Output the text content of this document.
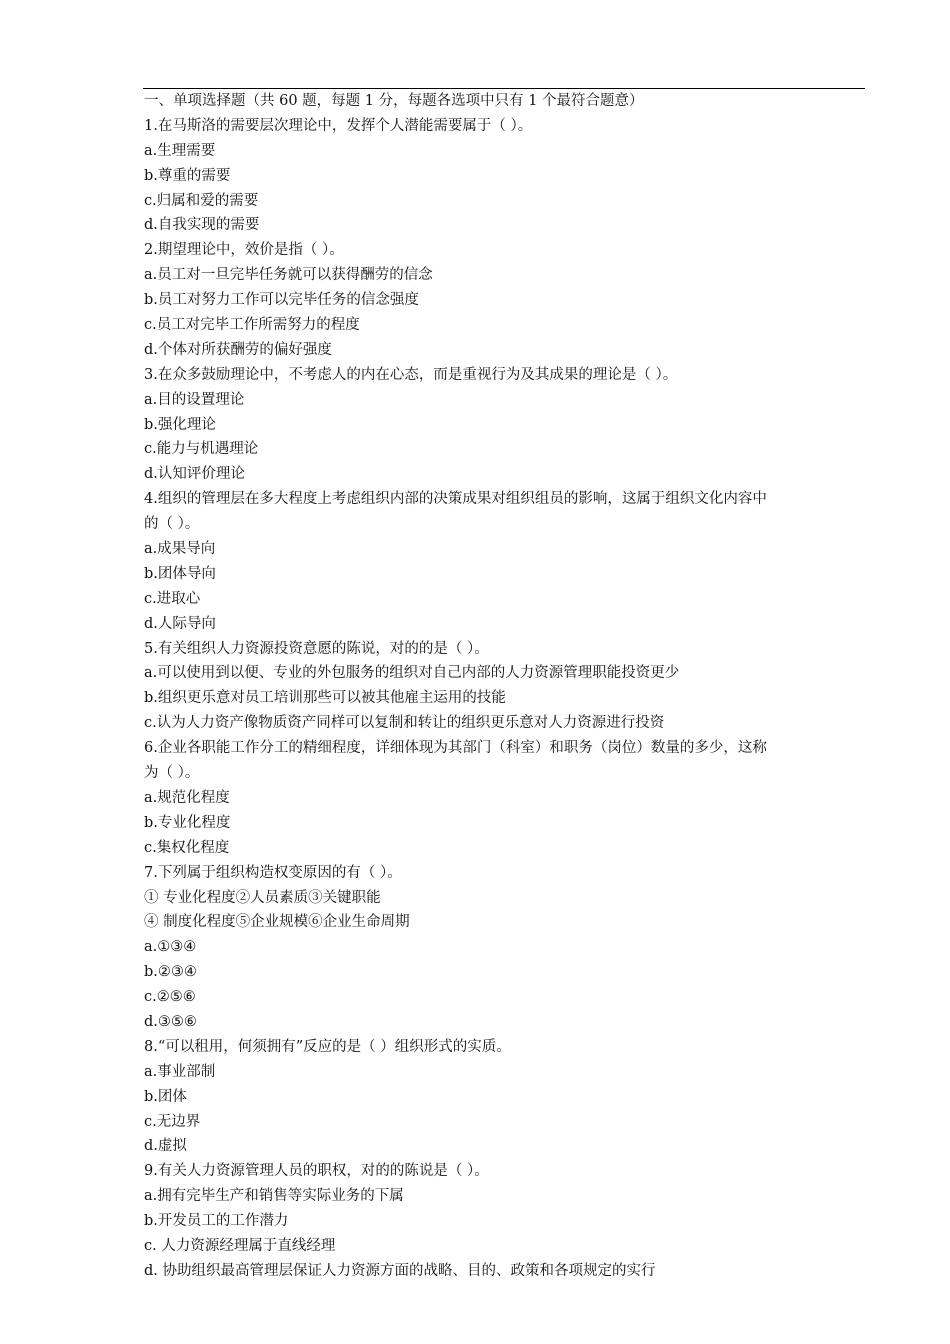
一、单项选择题（共 60 题，每题 1 分，每题各选项中只有 1 个最符合题意）
1.在马斯洛的需要层次理论中，发挥个人潜能需要属于（ ）。
a.生理需要
b.尊重的需要
c.归属和爱的需要
d.自我实现的需要
2.期望理论中，效价是指（ ）。
a.员工对一旦完毕任务就可以获得酬劳的信念
b.员工对努力工作可以完毕任务的信念强度
c.员工对完毕工作所需努力的程度
d.个体对所获酬劳的偏好强度
3.在众多鼓励理论中，不考虑人的内在心态，而是重视行为及其成果的理论是（ ）。
a.目的设置理论
b.强化理论
c.能力与机遇理论
d.认知评价理论
4.组织的管理层在多大程度上考虑组织内部的决策成果对组织组员的影响，这属于组织文化内容中
的（ ）。
a.成果导向
b.团体导向
c.进取心
d.人际导向
5.有关组织人力资源投资意愿的陈说，对的的是（ ）。
a.可以使用到以便、专业的外包服务的组织对自己内部的人力资源管理职能投资更少
b.组织更乐意对员工培训那些可以被其他雇主运用的技能
c.认为人力资产像物质资产同样可以复制和转让的组织更乐意对人力资源进行投资
6.企业各职能工作分工的精细程度，详细体现为其部门（科室）和职务（岗位）数量的多少，这称
为（ ）。
a.规范化程度
b.专业化程度
c.集权化程度
7.下列属于组织构造权变原因的有（ ）。
① 专业化程度②人员素质③关键职能
④ 制度化程度⑤企业规模⑥企业生命周期
a.①③④
b.②③④
c.②⑤⑥
d.③⑤⑥
8.“可以租用，何须拥有”反应的是（ ）组织形式的实质。
a.事业部制
b.团体
c.无边界
d.虚拟
9.有关人力资源管理人员的职权，对的的陈说是（ ）。
a.拥有完毕生产和销售等实际业务的下属
b.开发员工的工作潜力
c. 人力资源经理属于直线经理
d. 协助组织最高管理层保证人力资源方面的战略、目的、政策和各项规定的实行
